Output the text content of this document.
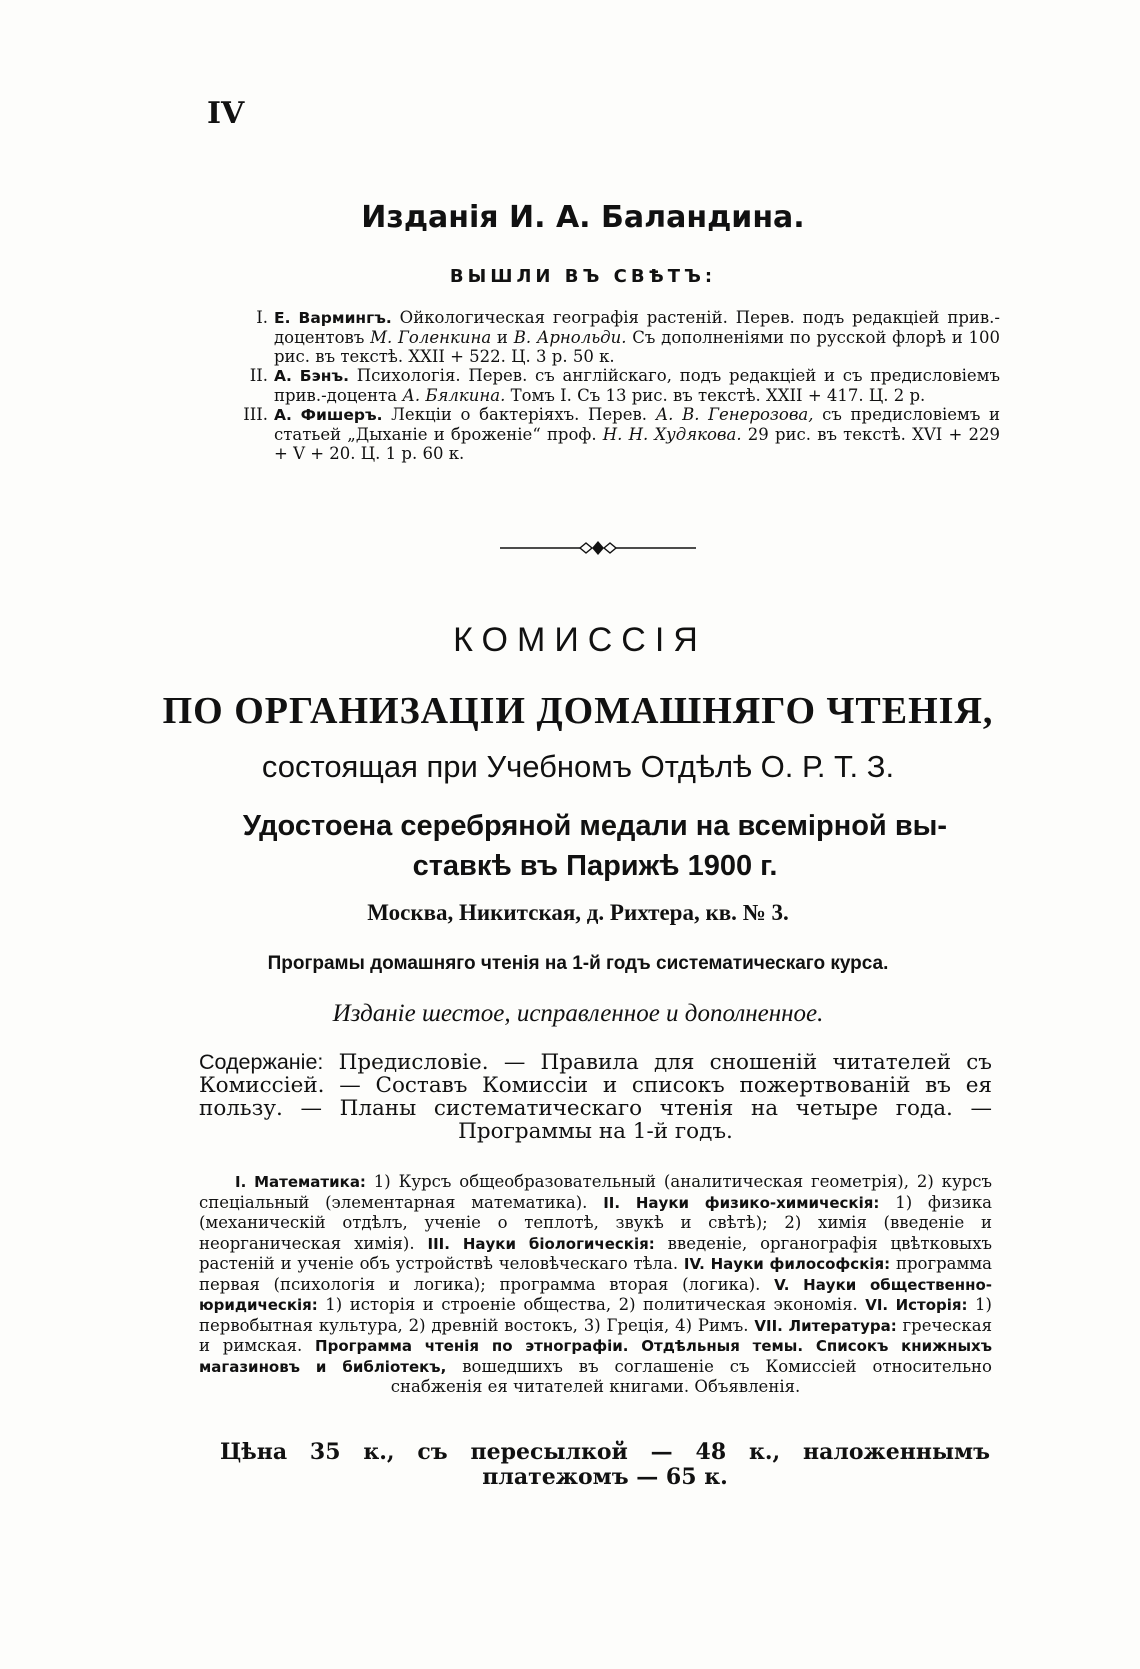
IV
Изданія И. А. Баландина.
ВЫШЛИ ВЪ СВѢТЪ:
I. Е. Вармингъ. Ойкологическая географія растеній. Перев. подъ редакціей прив.-доцентовъ М. Голенкина и В. Арнольди. Съ дополненіями по русской флорѣ и 100 рис. въ текстѣ. XXII + 522. Ц. 3 р. 50 к.
II. А. Бэнъ. Психологія. Перев. съ англійскаго, подъ редакціей и съ предисловіемъ прив.-доцента А. Бялкина. Томъ I. Съ 13 рис. въ текстѣ. XXII + 417. Ц. 2 р.
III. А. Фишеръ. Лекціи о бактеріяхъ. Перев. А. В. Генерозова, съ предисловіемъ и статьей „Дыханіе и броженіе“ проф. Н. Н. Худякова. 29 рис. въ текстѣ. XVI + 229 + V + 20. Ц. 1 р. 60 к.
КОМИССІЯ
ПО ОРГАНИЗАЦІИ ДОМАШНЯГО ЧТЕНІЯ,
состоящая при Учебномъ Отдѣлѣ О. Р. Т. З.
Удостоена серебряной медали на всемірной вы-
ставкѣ въ Парижѣ 1900 г.
Москва, Никитская, д. Рихтера, кв. № 3.
Програмы домашняго чтенія на 1-й годъ систематическаго курса.
Изданіе шестое, исправленное и дополненное.
Содержаніе: Предисловіе. — Правила для сношеній читателей съ Комиссіей. — Составъ Комиссіи и списокъ пожертвованій въ ея пользу. — Планы систематическаго чтенія на четыре года. — Программы на 1-й годъ.
I. Математика: 1) Курсъ общеобразовательный (аналитическая геометрія), 2) курсъ спеціальный (элементарная математика). II. Науки физико-химическія: 1) физика (механическій отдѣлъ, ученіе о теплотѣ, звукѣ и свѣтѣ); 2) химія (введеніе и неорганическая химія). III. Науки біологическія: введеніе, органографія цвѣтковыхъ растеній и ученіе объ устройствѣ человѣческаго тѣла. IV. Науки философскія: программа первая (психологія и логика); программа вторая (логика). V. Науки общественно-юридическія: 1) исторія и строеніе общества, 2) политическая экономія. VI. Исторія: 1) первобытная культура, 2) древній востокъ, 3) Греція, 4) Римъ. VII. Литература: греческая и римская. Программа чтенія по этнографіи. Отдѣльныя темы. Списокъ книжныхъ магазиновъ и библіотекъ, вошедшихъ въ соглашеніе съ Комиссіей относительно снабженія ея читателей книгами. Объявленія.
Цѣна 35 к., съ пересылкой — 48 к., наложеннымъ платежомъ — 65 к.
